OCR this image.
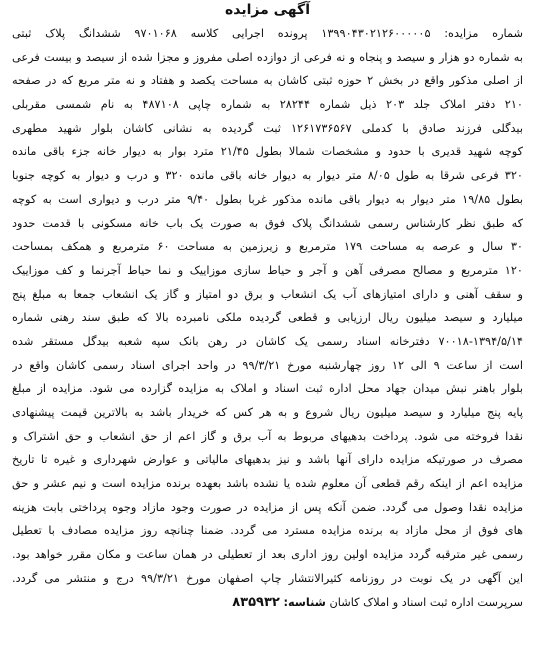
آگهی مزایده
شماره مزایده: ۱۳۹۹۰۴۳۰۲۱۲۶۰۰۰۰۰۵ پرونده اجرایی کلاسه ۹۷۰۱۰۶۸ ششدانگ پلاک ثبتی
به شماره دو هزار و سیصد و پنجاه و نه فرعی از دوازده اصلی مفروز و مجزا شده از سیصد و بیست فرعی
از اصلی مذکور واقع در بخش ۲ حوزه ثبتی کاشان به مساحت یکصد و هفتاد و نه متر مربع که در صفحه
۲۱۰ دفتر املاک جلد ۲۰۳ ذیل شماره ۲۸۲۴۴ به شماره چاپی ۴۸۷۱۰۸ به نام شمسی مقربلی
بیدگلی فرزند صادق با کدملی ۱۲۶۱۷۳۶۵۶۷ ثبت گردیده به نشانی کاشان بلوار شهید مطهری
کوچه شهید قدیری با حدود و مشخصات شمالا بطول ۲۱/۴۵ مترد بوار به دیوار خانه جزء باقی مانده
۳۲۰ فرعی شرقا به طول ۸/۰۵ متر دیوار به دیوار خانه باقی مانده ۳۲۰ و درب و دیوار به کوچه جنوبا
بطول ۱۹/۸۵ متر دیوار به دیوار باقی مانده مذکور غربا بطول ۹/۴۰ متر درب و دیواری است به کوچه
که طبق نظر کارشناس رسمی ششدانگ پلاک فوق به صورت یک باب خانه مسکونی با قدمت حدود
۳۰ سال و عرصه به مساحت ۱۷۹ مترمربع و زیرزمین به مساحت ۶۰ مترمربع و همکف بمساحت
۱۲۰ مترمربع و مصالح مصرفی آهن و آجر و حیاط سازی موزاییک و نما حیاط آجرنما و کف موزاییک
و سقف آهنی و دارای امتیازهای آب یک انشعاب و برق دو امتیاز و گاز یک انشعاب جمعا به مبلغ پنج
میلیارد و سیصد میلیون ریال ارزیابی و قطعی گردیده ملکی نامبرده بالا که طبق سند رهنی شماره
۷۰۰۱۸-۱۳۹۴/۵/۱۴ دفترخانه اسناد رسمی یک کاشان در رهن بانک سپه شعبه بیدگل مستقر شده
است از ساعت ۹ الی ۱۲ روز چهارشنبه مورخ ۹۹/۳/۲۱ در واحد اجرای اسناد رسمی کاشان واقع در
بلوار باهنر نبش میدان جهاد محل اداره ثبت اسناد و املاک به مزایده گزارده می شود. مزایده از مبلغ
پایه پنج میلیارد و سیصد میلیون ریال شروع و به هر کس که خریدار باشد به بالاترین قیمت پیشنهادی
نقدا فروخته می شود. پرداخت بدهیهای مربوط به آب برق و گاز اعم از حق انشعاب و حق اشتراک و
مصرف در صورتیکه مزایده دارای آنها باشد و نیز بدهیهای مالیاتی و عوارض شهرداری و غیره تا تاریخ
مزایده اعم از اینکه رقم قطعی آن معلوم شده یا نشده باشد بعهده برنده مزایده است و نیم عشر و حق
مزایده نقدا وصول می گردد. ضمن آنکه پس از مزایده در صورت وجود مازاد وجوه پرداختی بابت هزینه
های فوق از محل مازاد به برنده مزایده مسترد می گردد. ضمنا چنانچه روز مزایده مصادف با تعطیل
رسمی غیر مترقبه گردد مزایده اولین روز اداری بعد از تعطیلی در همان ساعت و مکان مقرر خواهد بود.
این آگهی در یک نوبت در روزنامه کثیرالانتشار چاپ اصفهان مورخ ۹۹/۳/۲۱ درج و منتشر می گردد.
سرپرست اداره ثبت اسناد و املاک کاشان شناسه: ۸۳۵۹۳۲
